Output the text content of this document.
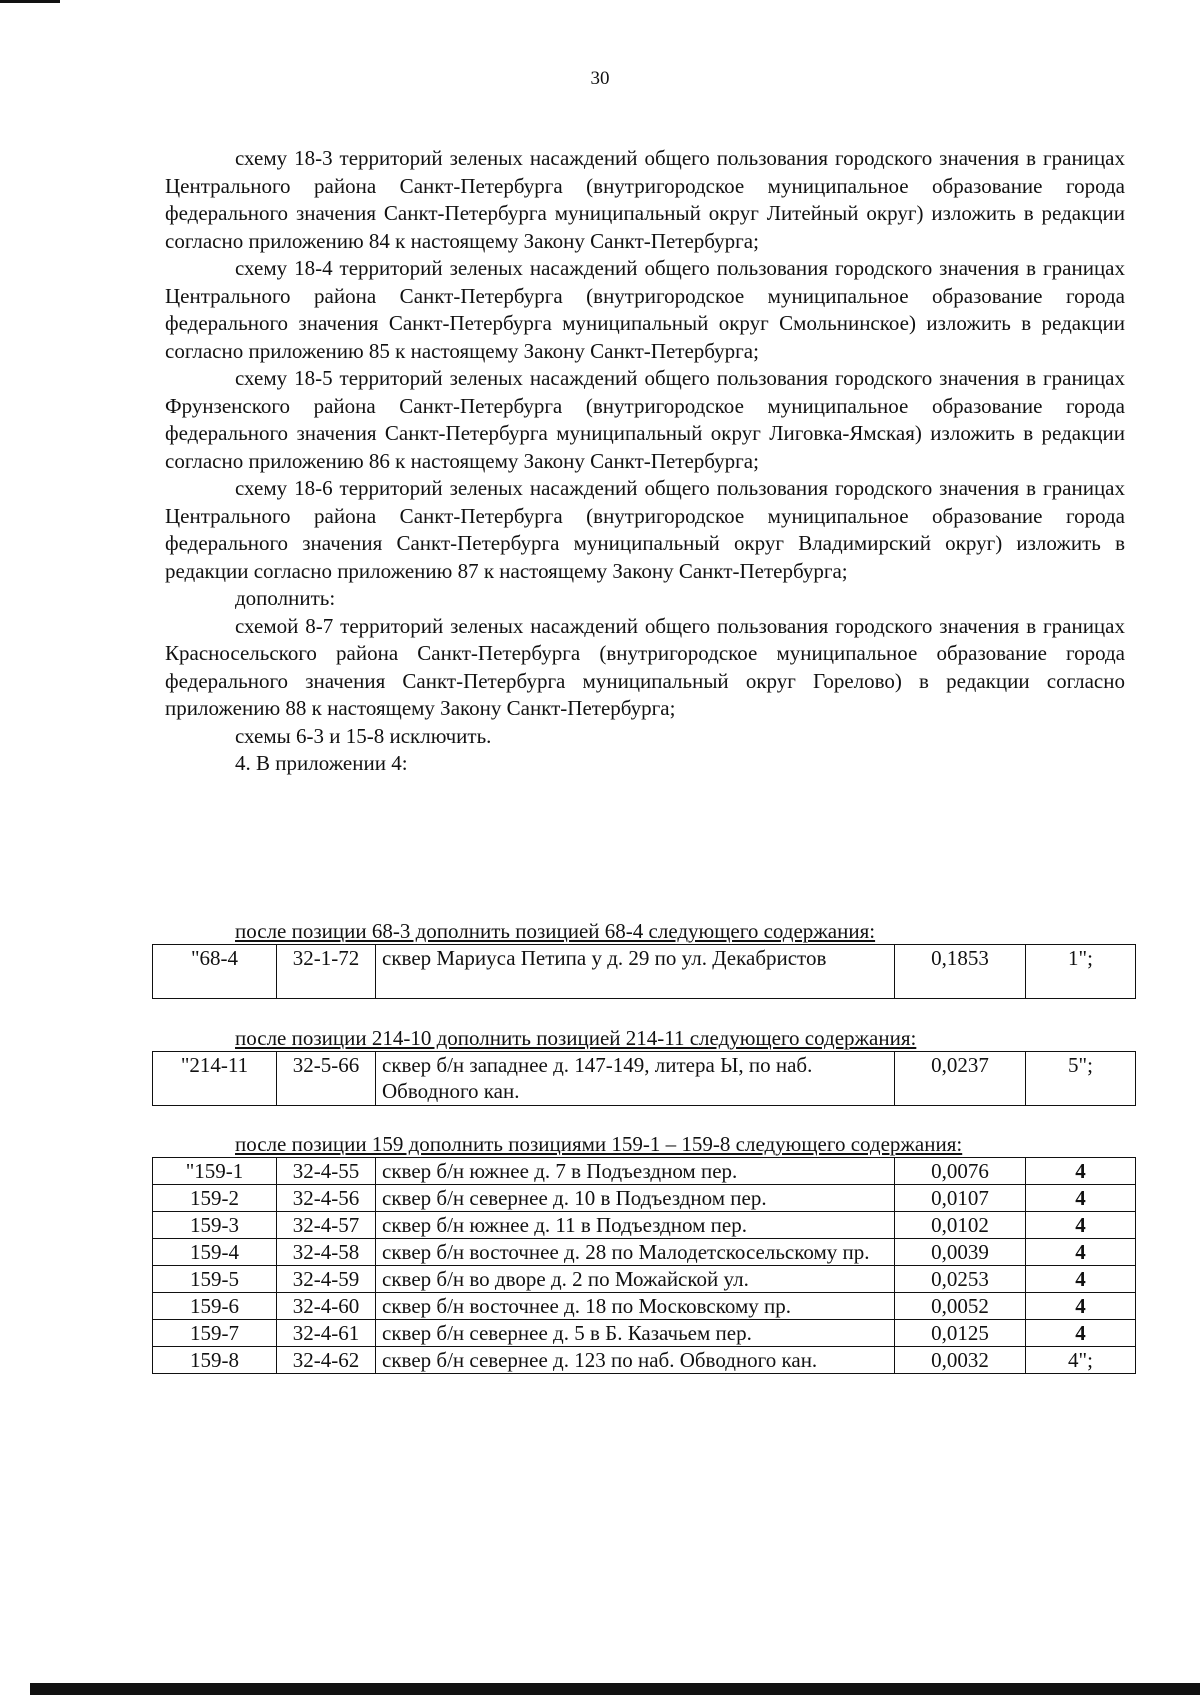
30

схему 18-3 территорий зеленых насаждений общего пользования городского значения в границах Центрального района Санкт-Петербурга (внутригородское муниципальное образование города федерального значения Санкт-Петербурга муниципальный округ Литейный округ) изложить в редакции согласно приложению 84 к настоящему Закону Санкт-Петербурга;

схему 18-4 территорий зеленых насаждений общего пользования городского значения в границах Центрального района Санкт-Петербурга (внутригородское муниципальное образование города федерального значения Санкт-Петербурга муниципальный округ Смольнинское) изложить в редакции согласно приложению 85 к настоящему Закону Санкт-Петербурга;

схему 18-5 территорий зеленых насаждений общего пользования городского значения в границах Фрунзенского района Санкт-Петербурга (внутригородское муниципальное образование города федерального значения Санкт-Петербурга муниципальный округ Лиговка-Ямская) изложить в редакции согласно приложению 86 к настоящему Закону Санкт-Петербурга;

схему 18-6 территорий зеленых насаждений общего пользования городского значения в границах Центрального района Санкт-Петербурга (внутригородское муниципальное образование города федерального значения Санкт-Петербурга муниципальный округ Владимирский округ) изложить в редакции согласно приложению 87 к настоящему Закону Санкт-Петербурга;

дополнить:

схемой 8-7 территорий зеленых насаждений общего пользования городского значения в границах Красносельского района Санкт-Петербурга (внутригородское муниципальное образование города федерального значения Санкт-Петербурга муниципальный округ Горелово) в редакции согласно приложению 88 к настоящему Закону Санкт-Петербурга;

схемы 6-3 и 15-8 исключить.

4. В приложении 4:

после позиции 68-3 дополнить позицией 68-4 следующего содержания:
"68-4	32-1-72	сквер Мариуса Петипа у д. 29 по ул. Декабристов	0,1853	1";
после позиции 214-10 дополнить позицией 214-11 следующего содержания:
"214-11	32-5-66	сквер б/н западнее д. 147-149, литера Ы, по наб. Обводного кан.	0,0237	5";
после позиции 159 дополнить позициями 159-1 – 159-8 следующего содержания:
"159-1	32-4-55	сквер б/н южнее д. 7 в Подъездном пер.	0,0076	4
159-2	32-4-56	сквер б/н севернее д. 10 в Подъездном пер.	0,0107	4
159-3	32-4-57	сквер б/н южнее д. 11 в Подъездном пер.	0,0102	4
159-4	32-4-58	сквер б/н восточнее д. 28 по Малодетскосельскому пр.	0,0039	4
159-5	32-4-59	сквер б/н во дворе д. 2 по Можайской ул.	0,0253	4
159-6	32-4-60	сквер б/н восточнее д. 18 по Московскому пр.	0,0052	4
159-7	32-4-61	сквер б/н севернее д. 5 в Б. Казачьем пер.	0,0125	4
159-8	32-4-62	сквер б/н севернее д. 123 по наб. Обводного кан.	0,0032	4";
